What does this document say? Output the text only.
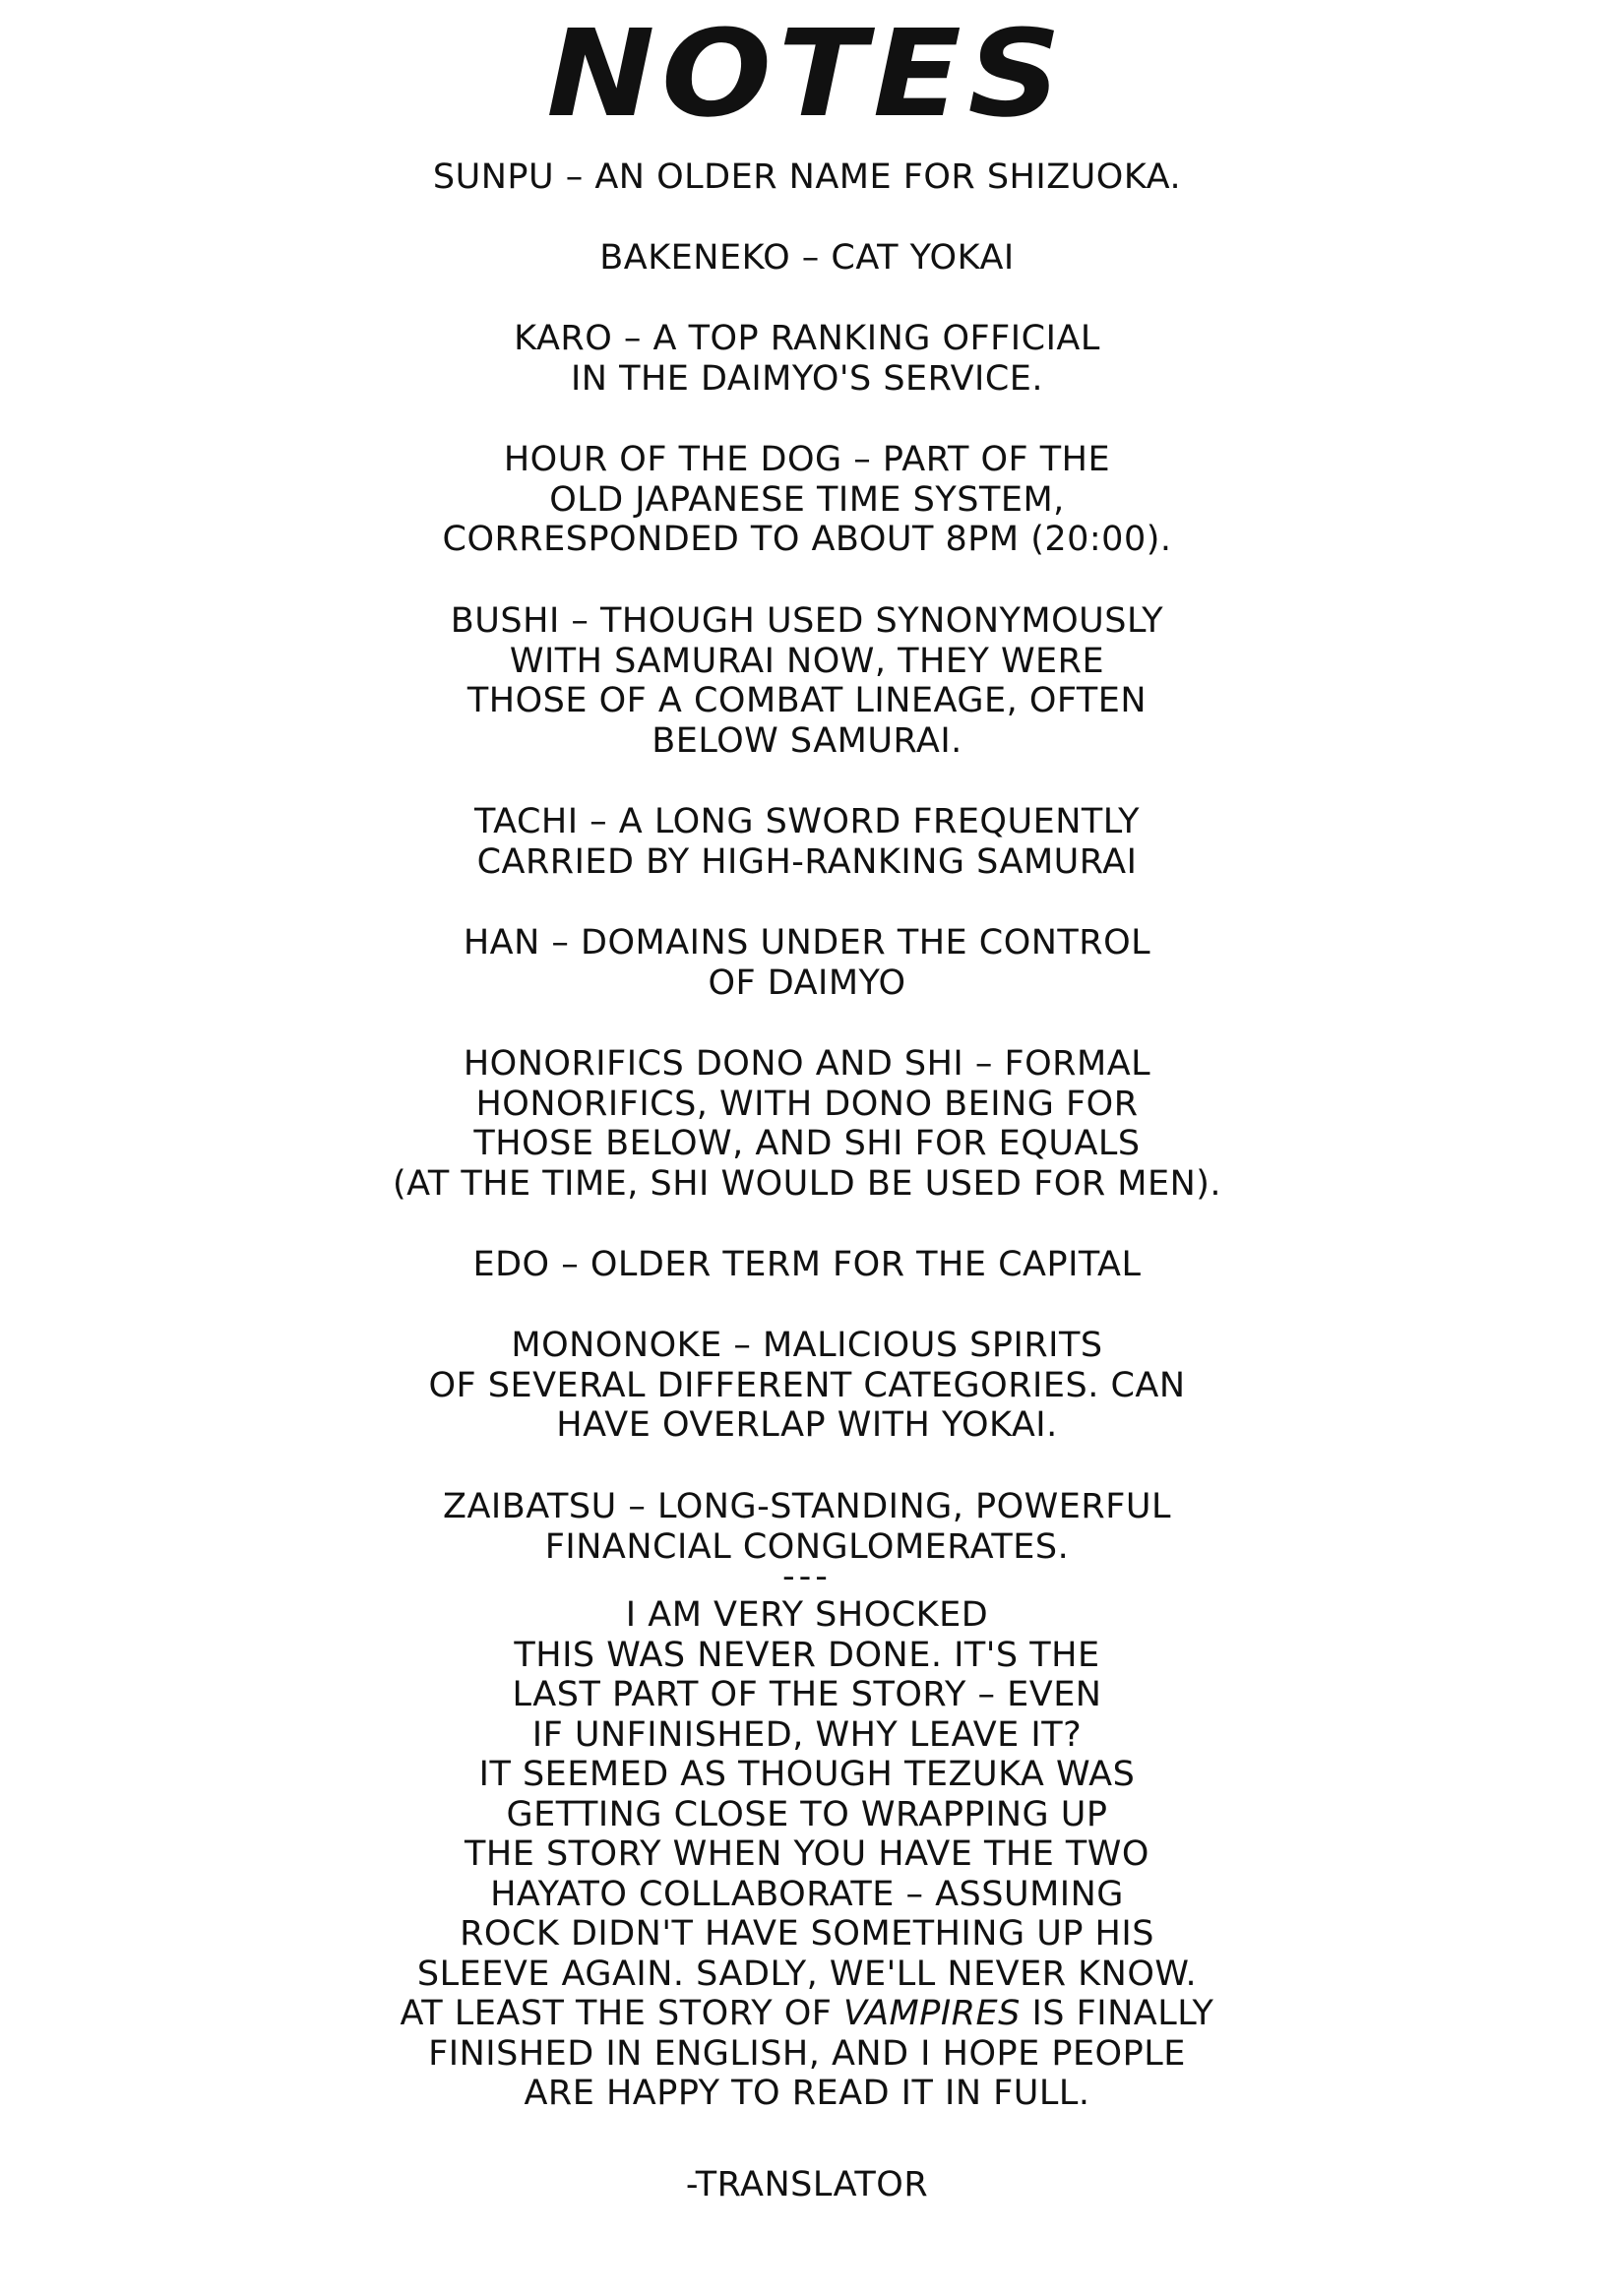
NOTES
SUNPU – AN OLDER NAME FOR SHIZUOKA.
BAKENEKO – CAT YOKAI
KARO – A TOP RANKING OFFICIAL
IN THE DAIMYO'S SERVICE.
HOUR OF THE DOG – PART OF THE
OLD JAPANESE TIME SYSTEM,
CORRESPONDED TO ABOUT 8PM (20:00).
BUSHI – THOUGH USED SYNONYMOUSLY
WITH SAMURAI NOW, THEY WERE
THOSE OF A COMBAT LINEAGE, OFTEN
BELOW SAMURAI.
TACHI – A LONG SWORD FREQUENTLY
CARRIED BY HIGH-RANKING SAMURAI
HAN – DOMAINS UNDER THE CONTROL
OF DAIMYO
HONORIFICS DONO AND SHI – FORMAL
HONORIFICS, WITH DONO BEING FOR
THOSE BELOW, AND SHI FOR EQUALS
(AT THE TIME, SHI WOULD BE USED FOR MEN).
EDO – OLDER TERM FOR THE CAPITAL
MONONOKE – MALICIOUS SPIRITS
OF SEVERAL DIFFERENT CATEGORIES. CAN
HAVE OVERLAP WITH YOKAI.
ZAIBATSU – LONG-STANDING, POWERFUL
FINANCIAL CONGLOMERATES.
---
I AM VERY SHOCKED
THIS WAS NEVER DONE. IT'S THE
LAST PART OF THE STORY – EVEN
IF UNFINISHED, WHY LEAVE IT?
IT SEEMED AS THOUGH TEZUKA WAS
GETTING CLOSE TO WRAPPING UP
THE STORY WHEN YOU HAVE THE TWO
HAYATO COLLABORATE – ASSUMING
ROCK DIDN'T HAVE SOMETHING UP HIS
SLEEVE AGAIN. SADLY, WE'LL NEVER KNOW.
AT LEAST THE STORY OF VAMPIRES IS FINALLY
FINISHED IN ENGLISH, AND I HOPE PEOPLE
ARE HAPPY TO READ IT IN FULL.
-TRANSLATOR
